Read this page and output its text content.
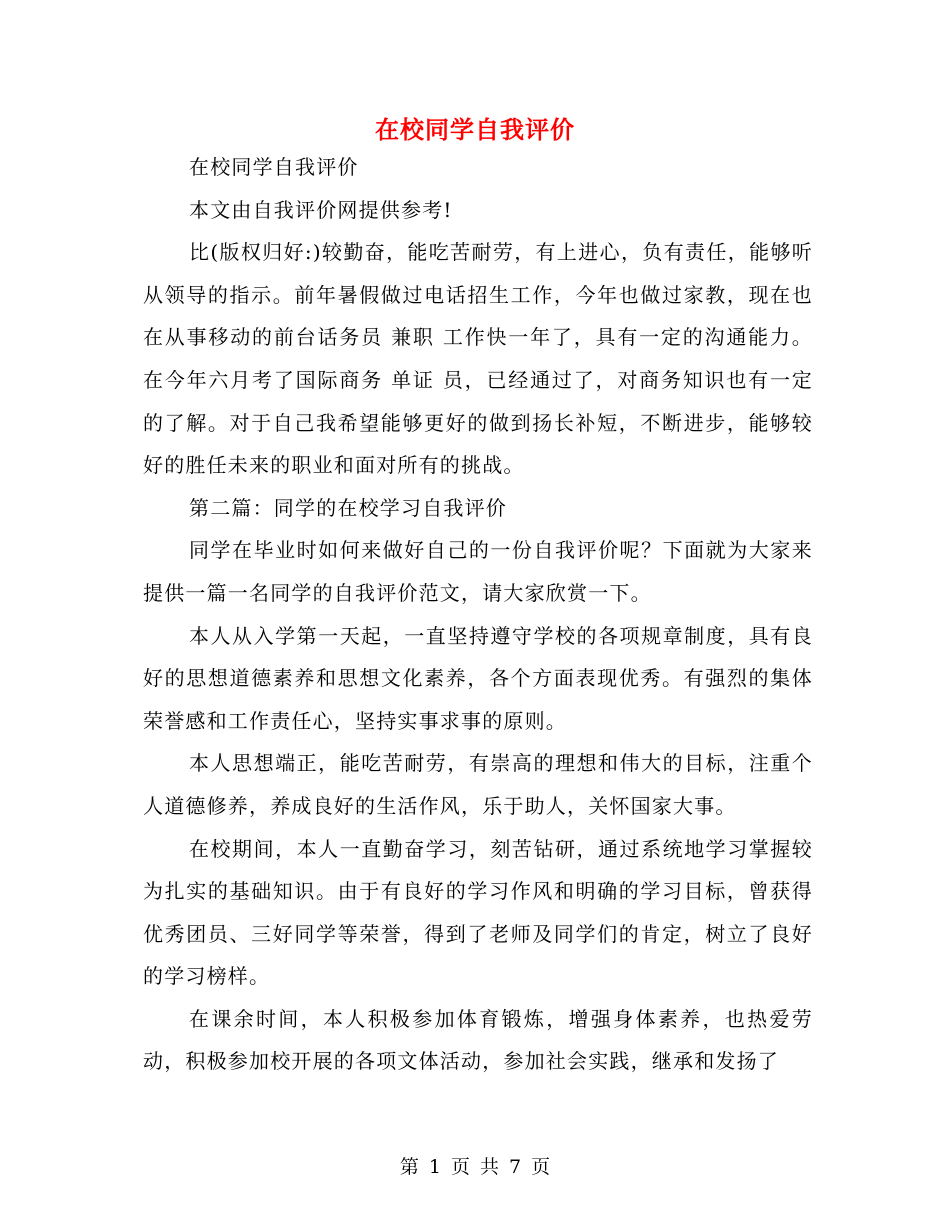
在校同学自我评价

在校同学自我评价

本文由自我评价网提供参考!

比(版权归好:)较勤奋，能吃苦耐劳，有上进心，负有责任，能够听从领导的指示。前年暑假做过电话招生工作，今年也做过家教，现在也在从事移动的前台话务员 兼职 工作快一年了，具有一定的沟通能力。在今年六月考了国际商务 单证 员，已经通过了，对商务知识也有一定的了解。对于自己我希望能够更好的做到扬长补短，不断进步，能够较好的胜任未来的职业和面对所有的挑战。

第二篇：同学的在校学习自我评价

同学在毕业时如何来做好自己的一份自我评价呢？下面就为大家来提供一篇一名同学的自我评价范文，请大家欣赏一下。

本人从入学第一天起，一直坚持遵守学校的各项规章制度，具有良好的思想道德素养和思想文化素养，各个方面表现优秀。有强烈的集体荣誉感和工作责任心，坚持实事求事的原则。

本人思想端正，能吃苦耐劳，有崇高的理想和伟大的目标，注重个人道德修养，养成良好的生活作风，乐于助人，关怀国家大事。

在校期间，本人一直勤奋学习，刻苦钻研，通过系统地学习掌握较为扎实的基础知识。由于有良好的学习作风和明确的学习目标，曾获得优秀团员、三好同学等荣誉，得到了老师及同学们的肯定，树立了良好的学习榜样。

在课余时间，本人积极参加体育锻炼，增强身体素养，也热爱劳动，积极参加校开展的各项文体活动，参加社会实践，继承和发扬了

第 1 页 共 7 页
